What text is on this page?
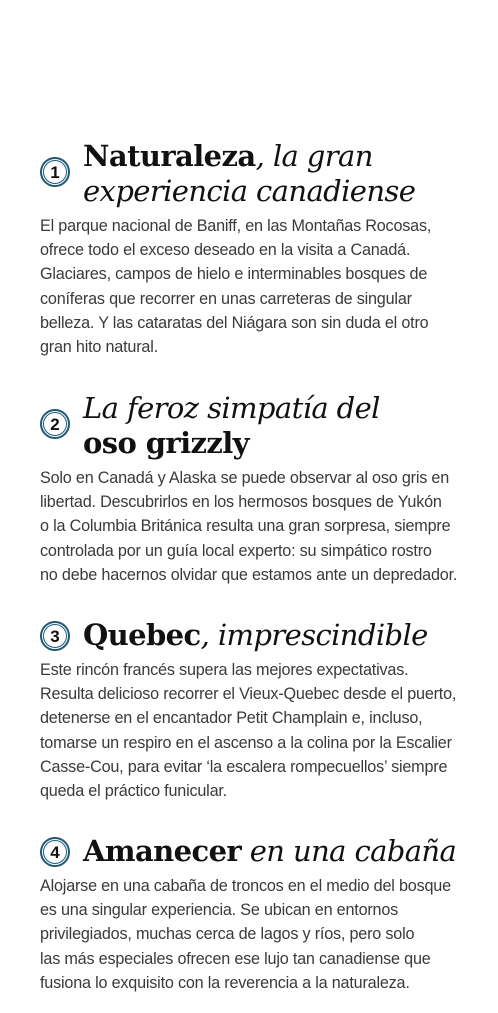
1 Naturaleza, la gran
experiencia canadiense

El parque nacional de Baniff, en las Montañas Rocosas,
ofrece todo el exceso deseado en la visita a Canadá.
Glaciares, campos de hielo e interminables bosques de
coníferas que recorrer en unas carreteras de singular
belleza. Y las cataratas del Niágara son sin duda el otro
gran hito natural.

2 La feroz simpatía del
oso grizzly

Solo en Canadá y Alaska se puede observar al oso gris en
libertad. Descubrirlos en los hermosos bosques de Yukón
o la Columbia Británica resulta una gran sorpresa, siempre
controlada por un guía local experto: su simpático rostro
no debe hacernos olvidar que estamos ante un depredador.

3 Quebec, imprescindible

Este rincón francés supera las mejores expectativas.
Resulta delicioso recorrer el Vieux-Quebec desde el puerto,
detenerse en el encantador Petit Champlain e, incluso,
tomarse un respiro en el ascenso a la colina por la Escalier
Casse-Cou, para evitar ‘la escalera rompecuellos’ siempre
queda el práctico funicular.

4 Amanecer en una cabaña

Alojarse en una cabaña de troncos en el medio del bosque
es una singular experiencia. Se ubican en entornos
privilegiados, muchas cerca de lagos y ríos, pero solo
las más especiales ofrecen ese lujo tan canadiense que
fusiona lo exquisito con la reverencia a la naturaleza.
